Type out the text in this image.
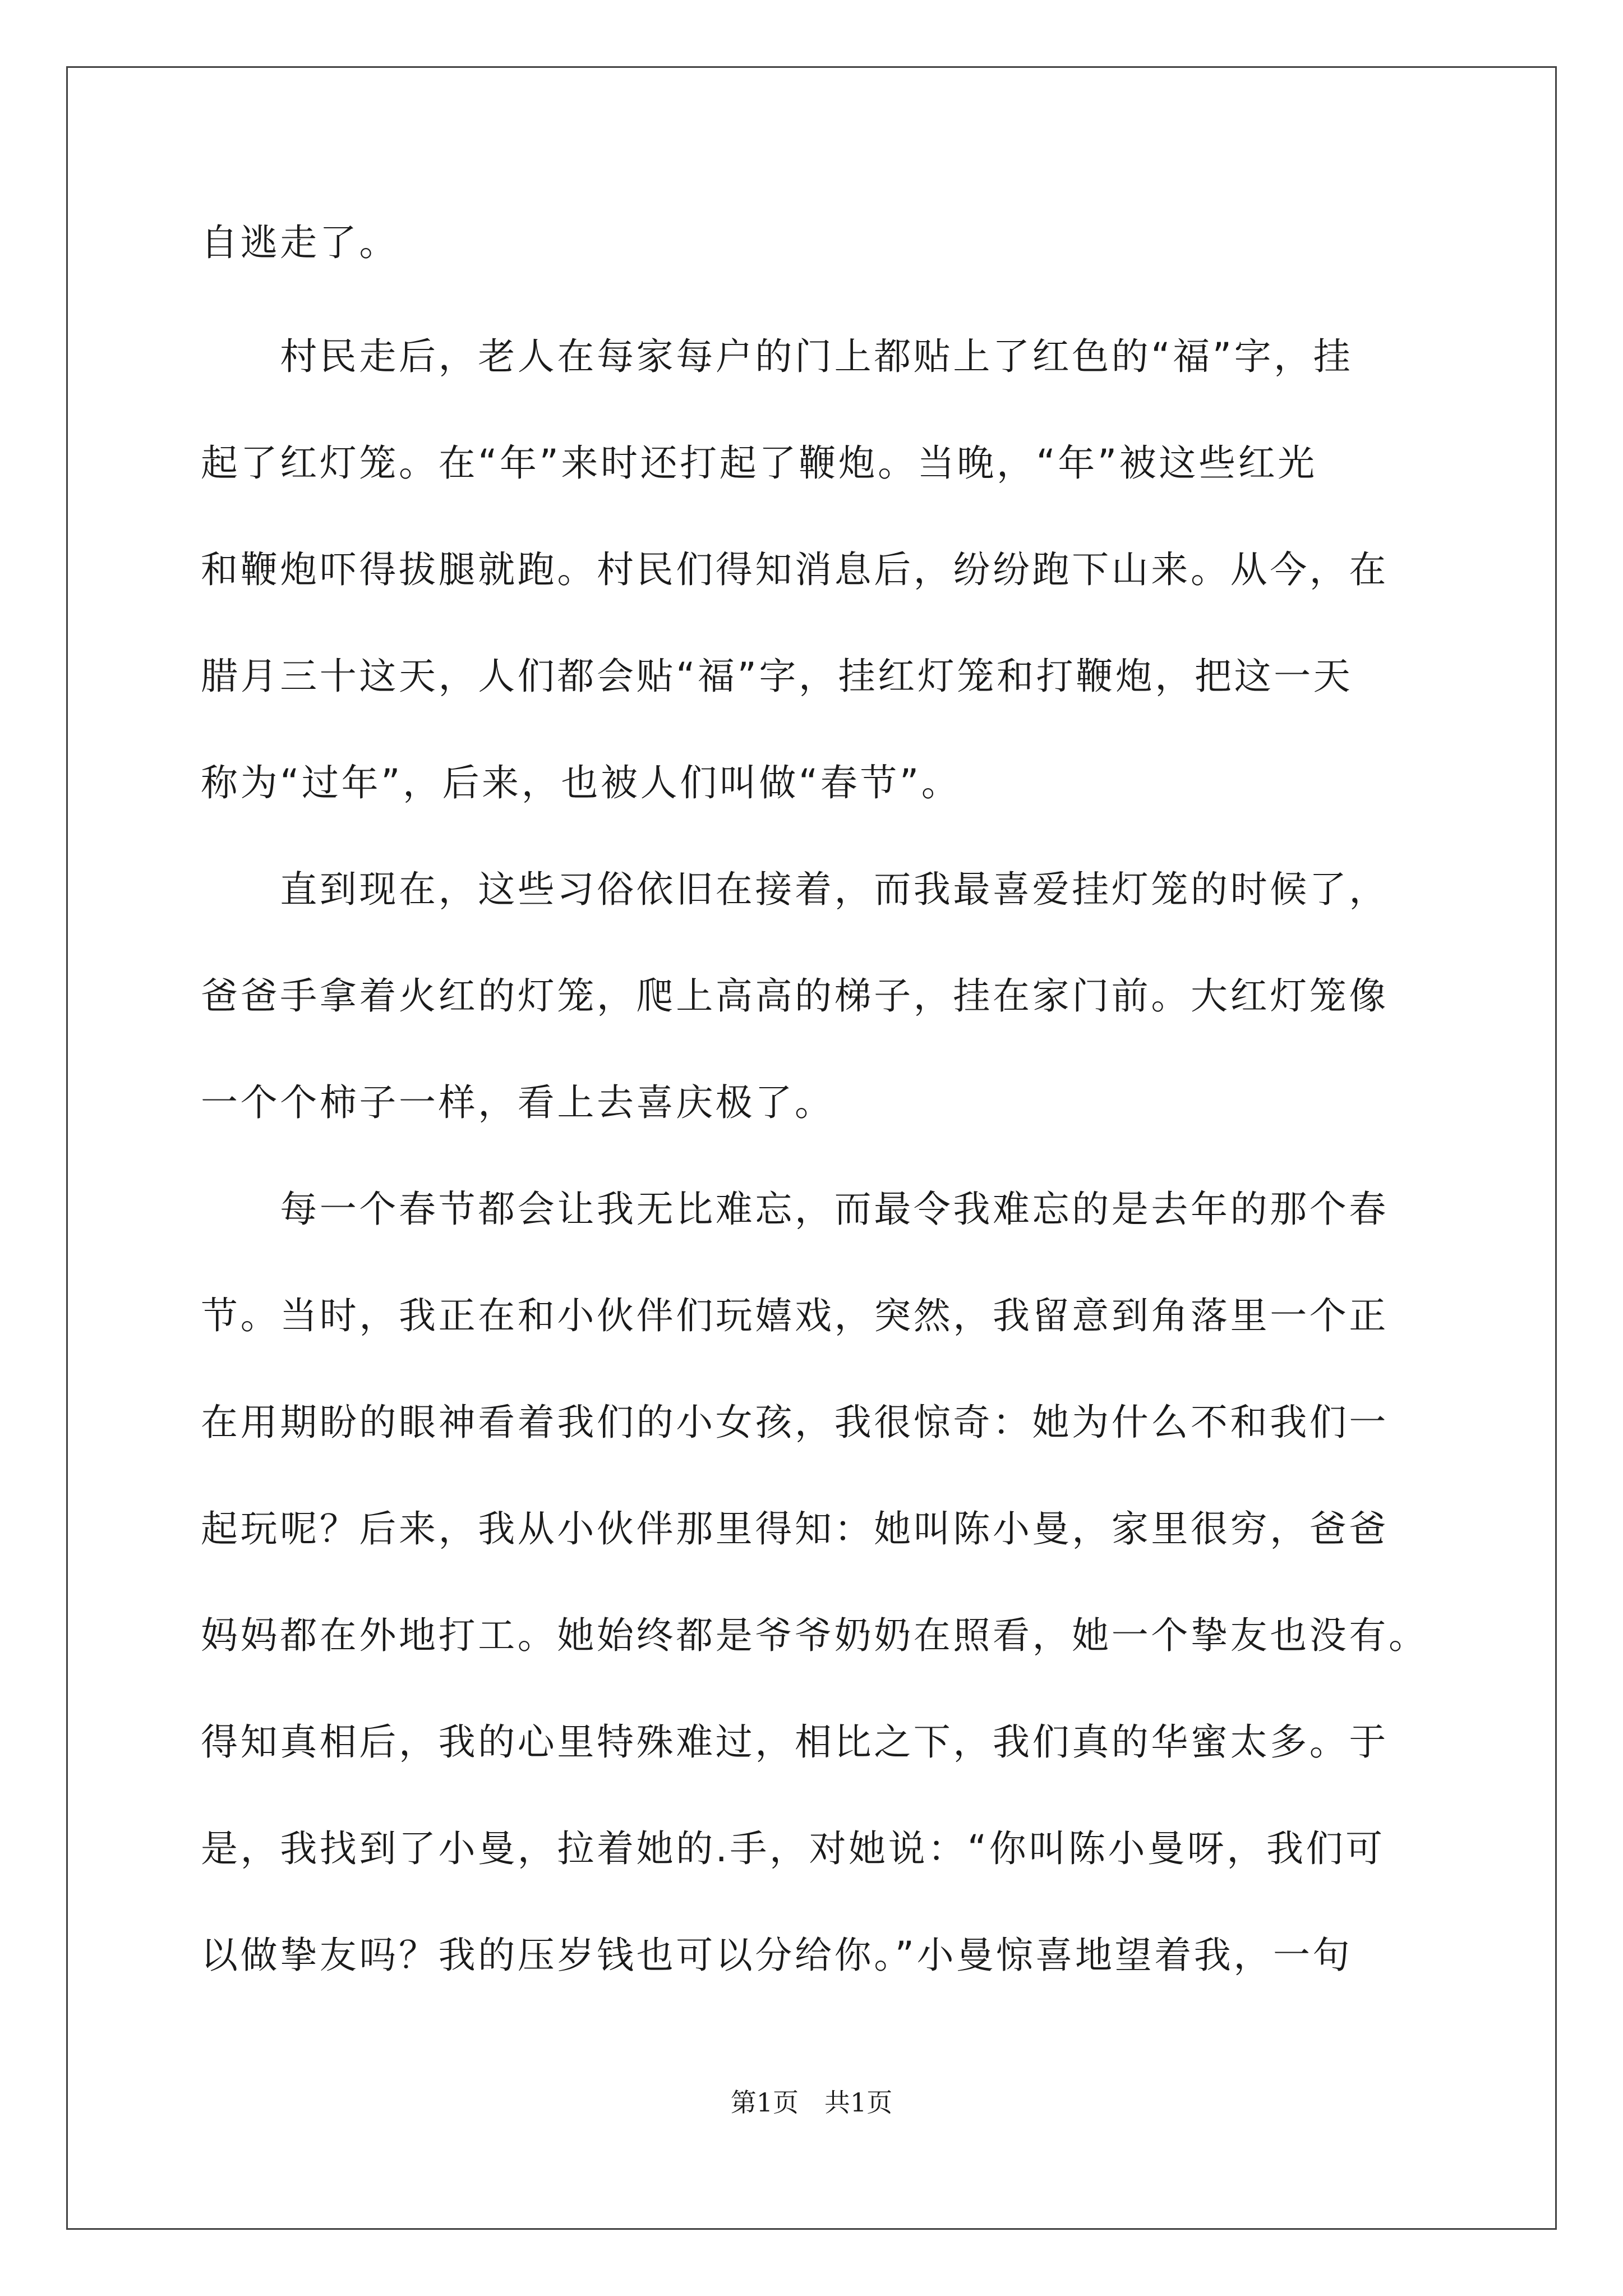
自逃走了。
　　村民走后，老人在每家每户的门上都贴上了红色的“福”字，挂
起了红灯笼。在“年”来时还打起了鞭炮。当晚，“年”被这些红光
和鞭炮吓得拔腿就跑。村民们得知消息后，纷纷跑下山来。从今，在
腊月三十这天，人们都会贴“福”字，挂红灯笼和打鞭炮，把这一天
称为“过年”，后来，也被人们叫做“春节”。
　　直到现在，这些习俗依旧在接着，而我最喜爱挂灯笼的时候了，
爸爸手拿着火红的灯笼，爬上高高的梯子，挂在家门前。大红灯笼像
一个个柿子一样，看上去喜庆极了。
　　每一个春节都会让我无比难忘，而最令我难忘的是去年的那个春
节。当时，我正在和小伙伴们玩嬉戏，突然，我留意到角落里一个正
在用期盼的眼神看着我们的小女孩，我很惊奇：她为什么不和我们一
起玩呢？后来，我从小伙伴那里得知：她叫陈小曼，家里很穷，爸爸
妈妈都在外地打工。她始终都是爷爷奶奶在照看，她一个挚友也没有。
得知真相后，我的心里特殊难过，相比之下，我们真的华蜜太多。于
是，我找到了小曼，拉着她的.手，对她说：“你叫陈小曼呀，我们可
以做挚友吗？我的压岁钱也可以分给你。”小曼惊喜地望着我，一句
第1页　共1页
